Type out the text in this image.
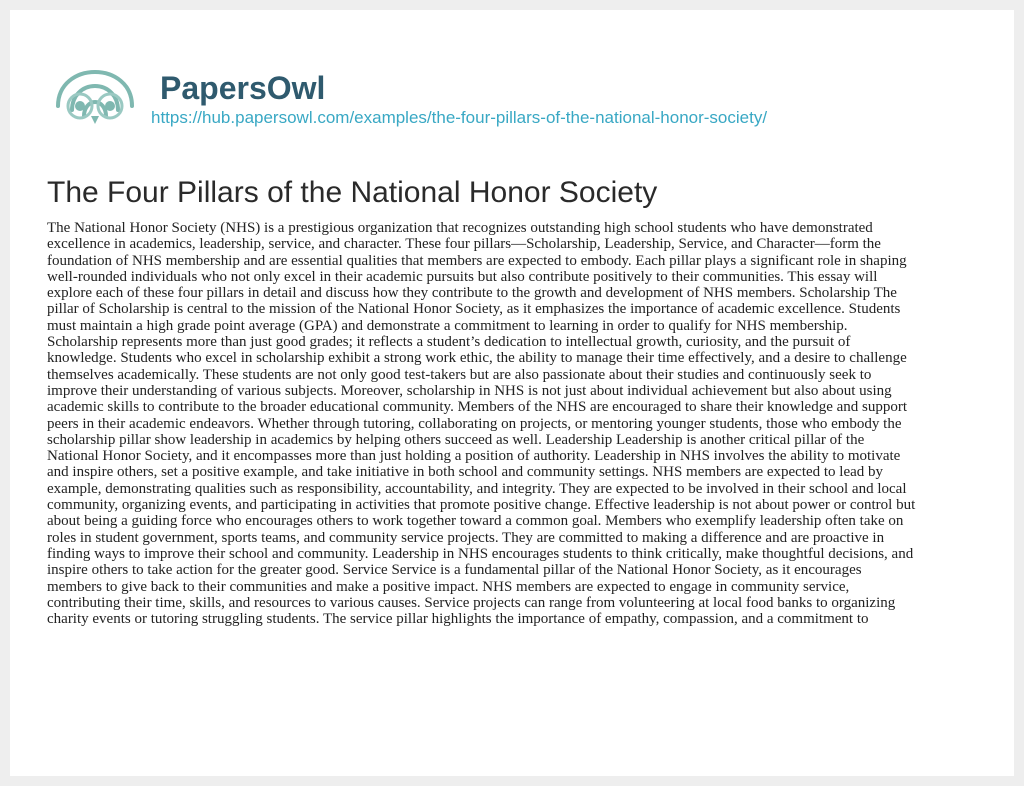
PapersOwl
https://hub.papersowl.com/examples/the-four-pillars-of-the-national-honor-society/
The Four Pillars of the National Honor Society

The National Honor Society (NHS) is a prestigious organization that recognizes outstanding high school students who have demonstrated
excellence in academics, leadership, service, and character. These four pillars—Scholarship, Leadership, Service, and Character—form the
foundation of NHS membership and are essential qualities that members are expected to embody. Each pillar plays a significant role in shaping
well-rounded individuals who not only excel in their academic pursuits but also contribute positively to their communities. This essay will
explore each of these four pillars in detail and discuss how they contribute to the growth and development of NHS members. Scholarship The
pillar of Scholarship is central to the mission of the National Honor Society, as it emphasizes the importance of academic excellence. Students
must maintain a high grade point average (GPA) and demonstrate a commitment to learning in order to qualify for NHS membership.
Scholarship represents more than just good grades; it reflects a student’s dedication to intellectual growth, curiosity, and the pursuit of
knowledge. Students who excel in scholarship exhibit a strong work ethic, the ability to manage their time effectively, and a desire to challenge
themselves academically. These students are not only good test-takers but are also passionate about their studies and continuously seek to
improve their understanding of various subjects. Moreover, scholarship in NHS is not just about individual achievement but also about using
academic skills to contribute to the broader educational community. Members of the NHS are encouraged to share their knowledge and support
peers in their academic endeavors. Whether through tutoring, collaborating on projects, or mentoring younger students, those who embody the
scholarship pillar show leadership in academics by helping others succeed as well. Leadership Leadership is another critical pillar of the
National Honor Society, and it encompasses more than just holding a position of authority. Leadership in NHS involves the ability to motivate
and inspire others, set a positive example, and take initiative in both school and community settings. NHS members are expected to lead by
example, demonstrating qualities such as responsibility, accountability, and integrity. They are expected to be involved in their school and local
community, organizing events, and participating in activities that promote positive change. Effective leadership is not about power or control but
about being a guiding force who encourages others to work together toward a common goal. Members who exemplify leadership often take on
roles in student government, sports teams, and community service projects. They are committed to making a difference and are proactive in
finding ways to improve their school and community. Leadership in NHS encourages students to think critically, make thoughtful decisions, and
inspire others to take action for the greater good. Service Service is a fundamental pillar of the National Honor Society, as it encourages
members to give back to their communities and make a positive impact. NHS members are expected to engage in community service,
contributing their time, skills, and resources to various causes. Service projects can range from volunteering at local food banks to organizing
charity events or tutoring struggling students. The service pillar highlights the importance of empathy, compassion, and a commitment to
